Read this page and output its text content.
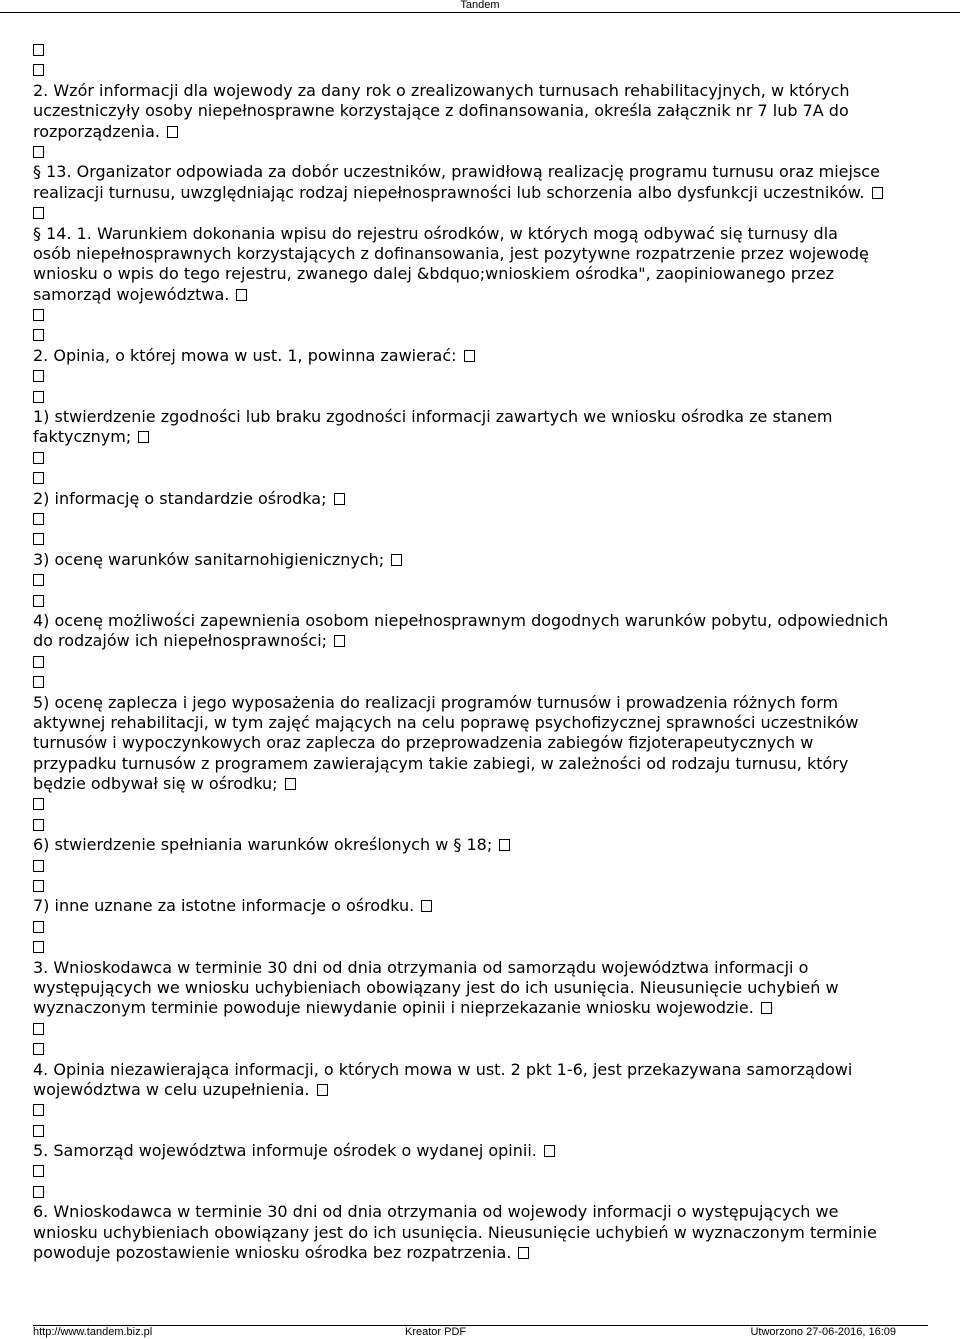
Tandem
2. Wzór informacji dla wojewody za dany rok o zrealizowanych turnusach rehabilitacyjnych, w których
uczestniczyły osoby niepełnosprawne korzystające z dofinansowania, określa załącznik nr 7 lub 7A do
rozporządzenia.
§ 13. Organizator odpowiada za dobór uczestników, prawidłową realizację programu turnusu oraz miejsce
realizacji turnusu, uwzględniając rodzaj niepełnosprawności lub schorzenia albo dysfunkcji uczestników.
§ 14. 1. Warunkiem dokonania wpisu do rejestru ośrodków, w których mogą odbywać się turnusy dla
osób niepełnosprawnych korzystających z dofinansowania, jest pozytywne rozpatrzenie przez wojewodę
wniosku o wpis do tego rejestru, zwanego dalej &bdquo;wnioskiem ośrodka", zaopiniowanego przez
samorząd województwa.
2. Opinia, o której mowa w ust. 1, powinna zawierać:
1) stwierdzenie zgodności lub braku zgodności informacji zawartych we wniosku ośrodka ze stanem
faktycznym;
2) informację o standardzie ośrodka;
3) ocenę warunków sanitarnohigienicznych;
4) ocenę możliwości zapewnienia osobom niepełnosprawnym dogodnych warunków pobytu, odpowiednich
do rodzajów ich niepełnosprawności;
5) ocenę zaplecza i jego wyposażenia do realizacji programów turnusów i prowadzenia różnych form
aktywnej rehabilitacji, w tym zajęć mających na celu poprawę psychofizycznej sprawności uczestników
turnusów i wypoczynkowych oraz zaplecza do przeprowadzenia zabiegów fizjoterapeutycznych w
przypadku turnusów z programem zawierającym takie zabiegi, w zależności od rodzaju turnusu, który
będzie odbywał się w ośrodku;
6) stwierdzenie spełniania warunków określonych w § 18;
7) inne uznane za istotne informacje o ośrodku.
3. Wnioskodawca w terminie 30 dni od dnia otrzymania od samorządu województwa informacji o
występujących we wniosku uchybieniach obowiązany jest do ich usunięcia. Nieusunięcie uchybień w
wyznaczonym terminie powoduje niewydanie opinii i nieprzekazanie wniosku wojewodzie.
4. Opinia niezawierająca informacji, o których mowa w ust. 2 pkt 1-6, jest przekazywana samorządowi
województwa w celu uzupełnienia.
5. Samorząd województwa informuje ośrodek o wydanej opinii.
6. Wnioskodawca w terminie 30 dni od dnia otrzymania od wojewody informacji o występujących we
wniosku uchybieniach obowiązany jest do ich usunięcia. Nieusunięcie uchybień w wyznaczonym terminie
powoduje pozostawienie wniosku ośrodka bez rozpatrzenia.
http://www.tandem.biz.pl	Kreator PDF	Utworzono 27-06-2016, 16:09
